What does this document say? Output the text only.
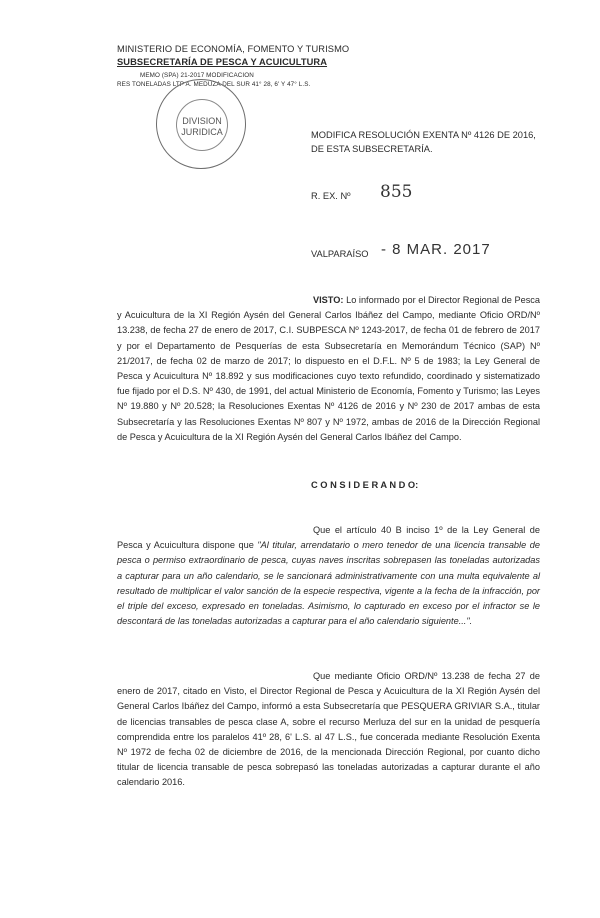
MINISTERIO DE ECONOMÍA, FOMENTO Y TURISMO
SUBSECRETARÍA DE PESCA Y ACUICULTURA
MEMO (SPA) 21-2017 MODIFICACION
RES TONELADAS LTP A. MEDUZA DEL SUR 41° 28, 6' Y 47° L.S.
DIVISION
JURIDICA	MODIFICA RESOLUCIÓN EXENTA Nº 4126 DE 2016,
DE ESTA SUBSECRETARÍA.
R. EX. Nº 855
VALPARAÍSO - 8 MAR. 2017

VISTO: Lo informado por el Director Regional de Pesca y Acuicultura de la XI Región Aysén del General Carlos Ibáñez del Campo, mediante Oficio ORD/Nº 13.238, de fecha 27 de enero de 2017, C.I. SUBPESCA Nº 1243-2017, de fecha 01 de febrero de 2017 y por el Departamento de Pesquerías de esta Subsecretaría en Memorándum Técnico (SAP) Nº 21/2017, de fecha 02 de marzo de 2017; lo dispuesto en el D.F.L. Nº 5 de 1983; la Ley General de Pesca y Acuicultura Nº 18.892 y sus modificaciones cuyo texto refundido, coordinado y sistematizado fue fijado por el D.S. Nº 430, de 1991, del actual Ministerio de Economía, Fomento y Turismo; las Leyes Nº 19.880 y Nº 20.528; la Resoluciones Exentas Nº 4126 de 2016 y Nº 230 de 2017 ambas de esta Subsecretaría y las Resoluciones Exentas Nº 807 y Nº 1972, ambas de 2016 de la Dirección Regional de Pesca y Acuicultura de la XI Región Aysén del General Carlos Ibáñez del Campo.

C O N S I D E R A N D O:

Que el artículo 40 B inciso 1º de la Ley General de Pesca y Acuicultura dispone que "Al titular, arrendatario o mero tenedor de una licencia transable de pesca o permiso extraordinario de pesca, cuyas naves inscritas sobrepasen las toneladas autorizadas a capturar para un año calendario, se le sancionará administrativamente con una multa equivalente al resultado de multiplicar el valor sanción de la especie respectiva, vigente a la fecha de la infracción, por el triple del exceso, expresado en toneladas. Asimismo, lo capturado en exceso por el infractor se le descontará de las toneladas autorizadas a capturar para el año calendario siguiente...".

Que mediante Oficio ORD/Nº 13.238 de fecha 27 de enero de 2017, citado en Visto, el Director Regional de Pesca y Acuicultura de la XI Región Aysén del General Carlos Ibáñez del Campo, informó a esta Subsecretaría que PESQUERA GRIVIAR S.A., titular de licencias transables de pesca clase A, sobre el recurso Merluza del sur en la unidad de pesquería comprendida entre los paralelos 41º 28, 6' L.S. al 47 L.S., fue concerada mediante Resolución Exenta Nº 1972 de fecha 02 de diciembre de 2016, de la mencionada Dirección Regional, por cuanto dicho titular de licencia transable de pesca sobrepasó las toneladas autorizadas a capturar durante el año calendario 2016.
